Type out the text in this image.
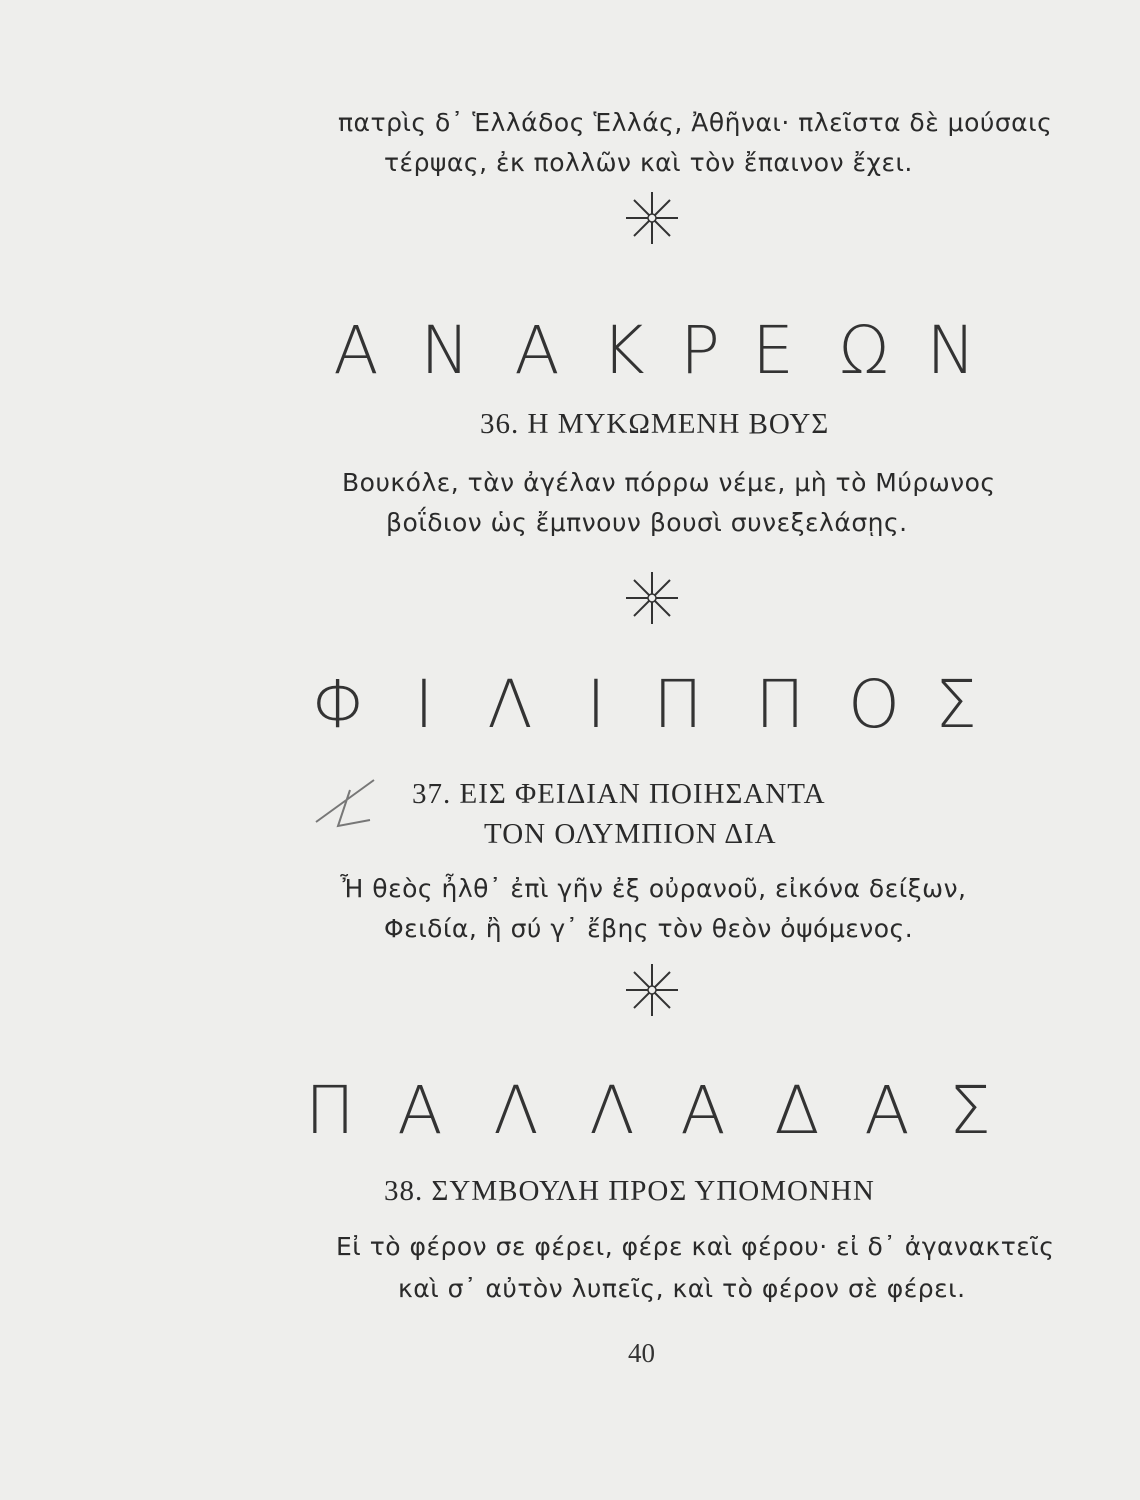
πατρὶς δ᾽ Ἑλλάδος Ἑλλάς, Ἀθῆναι· πλεῖστα δὲ μούσαις
τέρψας, ἐκ πολλῶν καὶ τὸν ἔπαινον ἔχει.
Α Ν Α Κ Ρ Ε Ω Ν
36. Η ΜΥΚΩΜΕΝΗ ΒΟΥΣ
Βουκόλε, τὰν ἀγέλαν πόρρω νέμε, μὴ τὸ Μύρωνος
βοΐδιον ὡς ἔμπνουν βουσὶ συνεξελάσῃς.
Φ Ι Λ Ι Π Π Ο Σ
37. ΕΙΣ ΦΕΙΔΙΑΝ ΠΟΙΗΣΑΝΤΑ
ΤΟΝ ΟΛΥΜΠΙΟΝ ΔΙΑ
Ἦ θεὸς ἦλθ᾽ ἐπὶ γῆν ἐξ οὐρανοῦ, εἰκόνα δείξων,
Φειδία, ἢ σύ γ᾽ ἔβης τὸν θεὸν ὀψόμενος.
Π Α Λ Λ Α Δ Α Σ
38. ΣΥΜΒΟΥΛΗ ΠΡΟΣ ΥΠΟΜΟΝΗΝ
Εἰ τὸ φέρον σε φέρει, φέρε καὶ φέρου· εἰ δ᾽ ἀγανακτεῖς
καὶ σ᾽ αὐτὸν λυπεῖς, καὶ τὸ φέρον σὲ φέρει.
40
